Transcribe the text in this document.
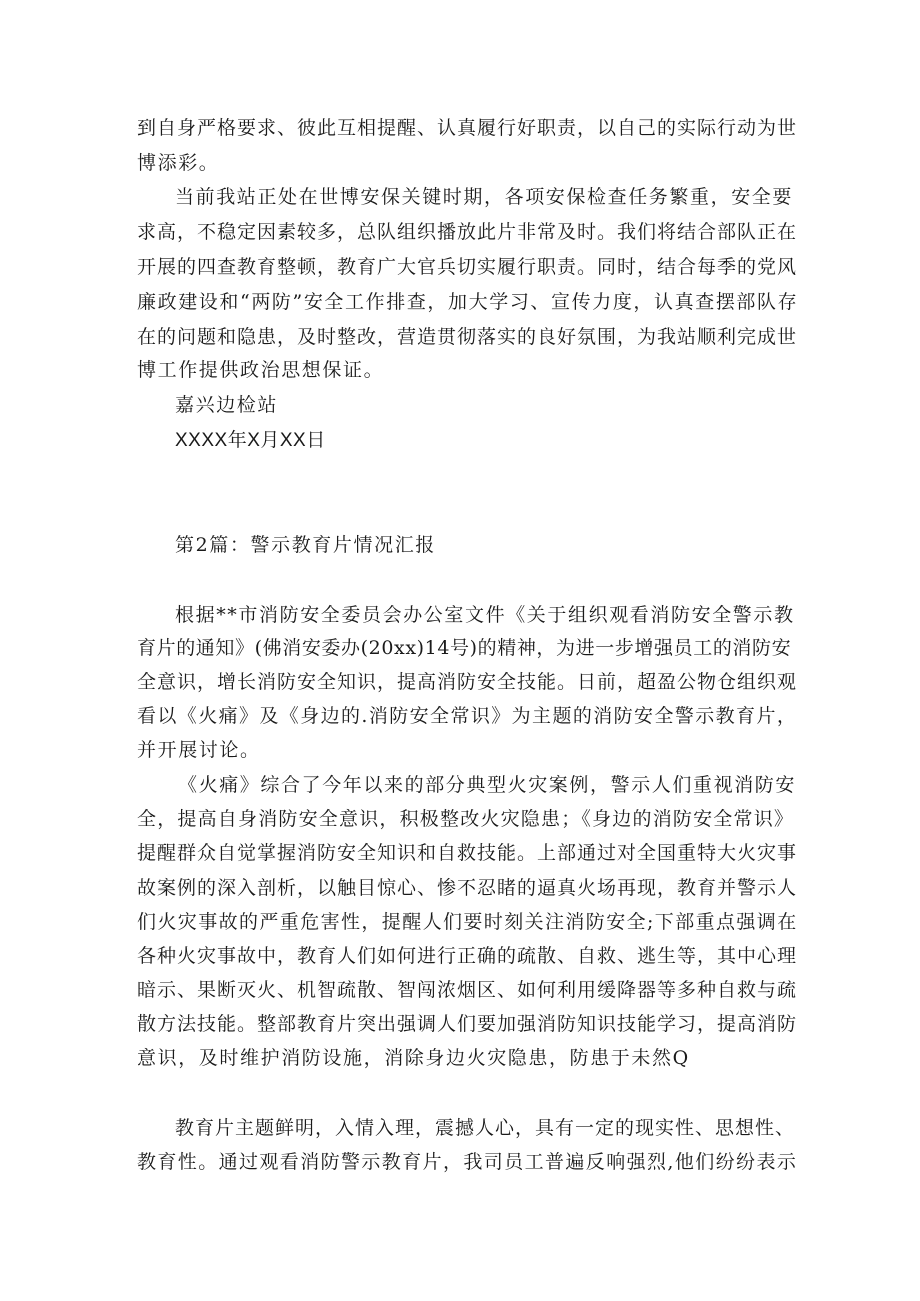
到自身严格要求、彼此互相提醒、认真履行好职责，以自己的实际行动为世
博添彩。
当前我站正处在世博安保关键时期，各项安保检查任务繁重，安全要
求高，不稳定因素较多，总队组织播放此片非常及时。我们将结合部队正在
开展的四查教育整顿，教育广大官兵切实履行职责。同时，结合每季的党风
廉政建设和“两防”安全工作排查，加大学习、宣传力度，认真查摆部队存
在的问题和隐患，及时整改，营造贯彻落实的良好氛围，为我站顺利完成世
博工作提供政治思想保证。
嘉兴边检站
XXXX年X月XX日
第2篇：警示教育片情况汇报
根据**市消防安全委员会办公室文件《关于组织观看消防安全警示教
育片的通知》(佛消安委办(20xx)14号)的精神，为进一步增强员工的消防安
全意识，增长消防安全知识，提高消防安全技能。日前，超盈公物仓组织观
看以《火痛》及《身边的.消防安全常识》为主题的消防安全警示教育片，
并开展讨论。
《火痛》综合了今年以来的部分典型火灾案例，警示人们重视消防安
全，提高自身消防安全意识，积极整改火灾隐患；《身边的消防安全常识》
提醒群众自觉掌握消防安全知识和自救技能。上部通过对全国重特大火灾事
故案例的深入剖析，以触目惊心、惨不忍睹的逼真火场再现，教育并警示人
们火灾事故的严重危害性，提醒人们要时刻关注消防安全;下部重点强调在
各种火灾事故中，教育人们如何进行正确的疏散、自救、逃生等，其中心理
暗示、果断灭火、机智疏散、智闯浓烟区、如何利用缓降器等多种自救与疏
散方法技能。整部教育片突出强调人们要加强消防知识技能学习，提高消防
意识，及时维护消防设施，消除身边火灾隐患，防患于未然Q
教育片主题鲜明，入情入理，震撼人心，具有一定的现实性、思想性、
教育性。通过观看消防警示教育片，我司员工普遍反响强烈,他们纷纷表示
